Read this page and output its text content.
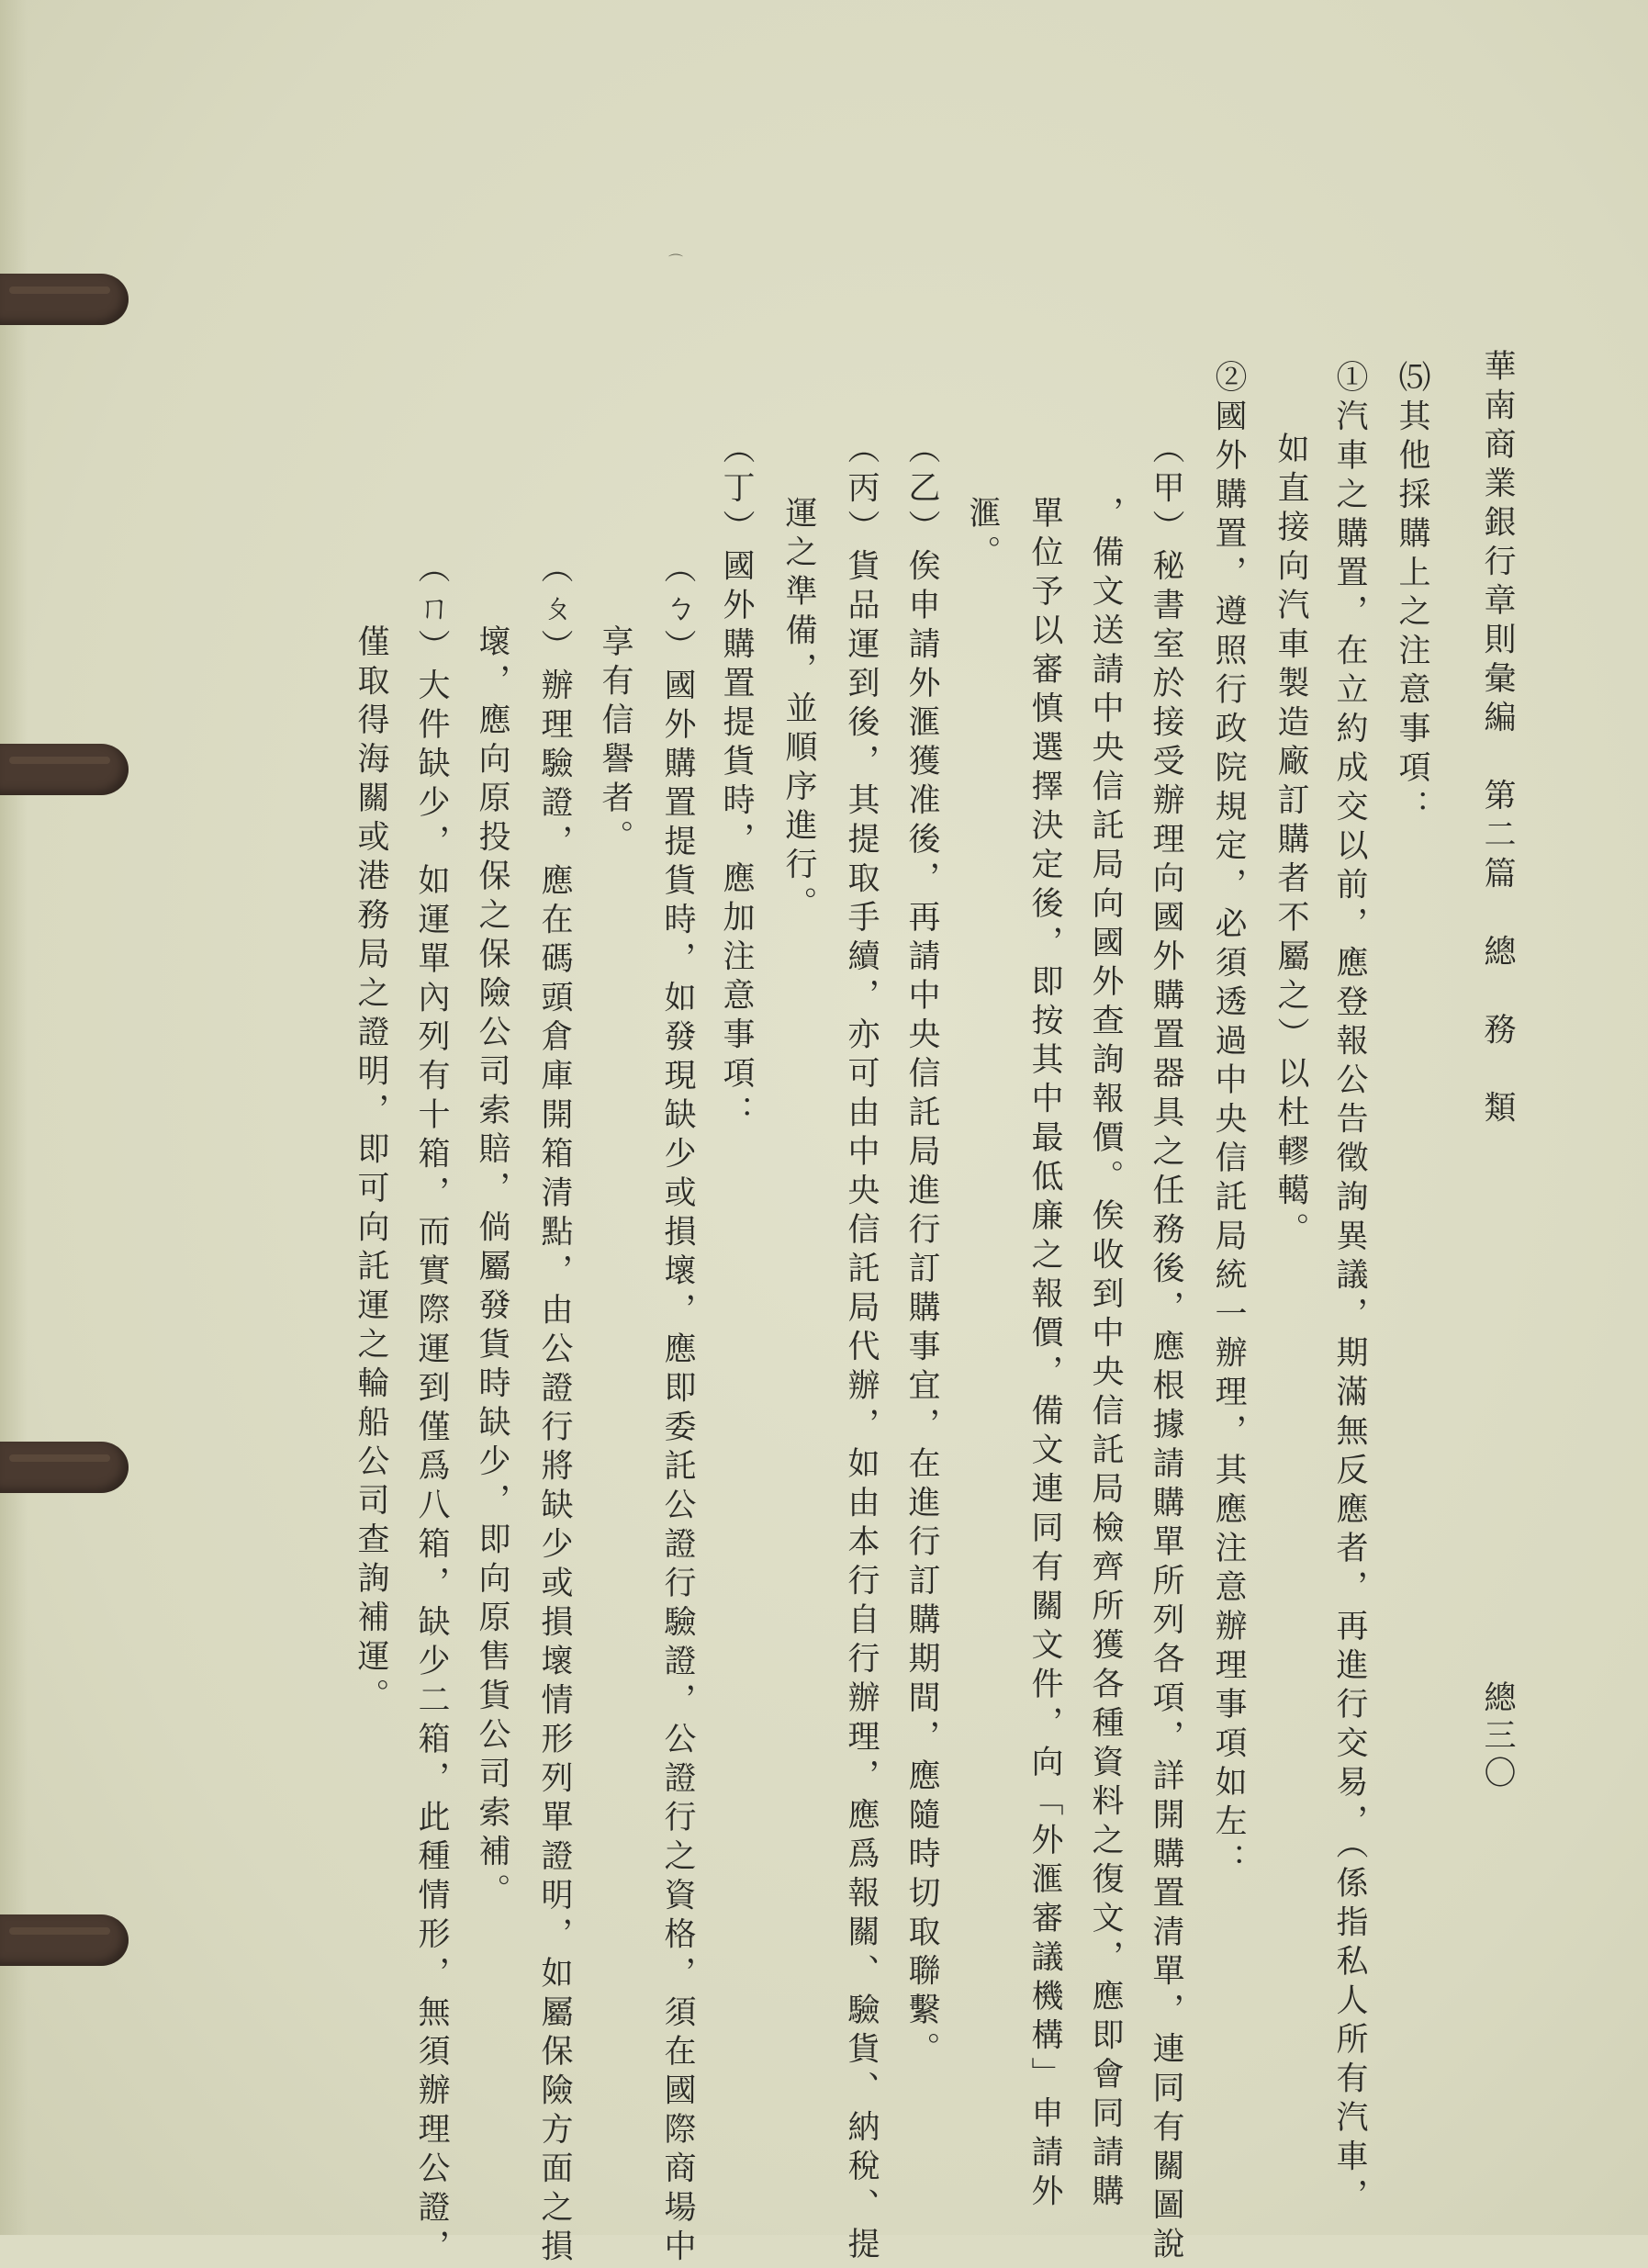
⌒
華南商業銀行章則彙編　第二篇　總　務　類
總三〇
⑸其他採購上之注意事項：
①汽車之購置，在立約成交以前，應登報公告徵詢異議，期滿無反應者，再進行交易，（係指私人所有汽車，
如直接向汽車製造廠訂購者不屬之）以杜轇轕。
②國外購置，遵照行政院規定，必須透過中央信託局統一辦理，其應注意辦理事項如左：
（甲）秘書室於接受辦理向國外購置器具之任務後，應根據請購單所列各項，詳開購置清單，連同有關圖說
，備文送請中央信託局向國外查詢報價。俟收到中央信託局檢齊所獲各種資料之復文，應即會同請購
單位予以審慎選擇決定後，即按其中最低廉之報價，備文連同有關文件，向「外滙審議機構」申請外
滙。
（乙）俟申請外滙獲准後，再請中央信託局進行訂購事宜，在進行訂購期間，應隨時切取聯繫。
（丙）貨品運到後，其提取手續，亦可由中央信託局代辦，如由本行自行辦理，應爲報關、驗貨、納稅、提
運之準備，並順序進行。
（丁）國外購置提貨時，應加注意事項：
（ㄅ）國外購置提貨時，如發現缺少或損壞，應即委託公證行驗證，公證行之資格，須在國際商場中
享有信譽者。
（ㄆ）辦理驗證，應在碼頭倉庫開箱清點，由公證行將缺少或損壞情形列單證明，如屬保險方面之損
壞，應向原投保之保險公司索賠，倘屬發貨時缺少，即向原售貨公司索補。
（ㄇ）大件缺少，如運單內列有十箱，而實際運到僅爲八箱，缺少二箱，此種情形，無須辦理公證，
僅取得海關或港務局之證明，即可向託運之輪船公司查詢補運。
